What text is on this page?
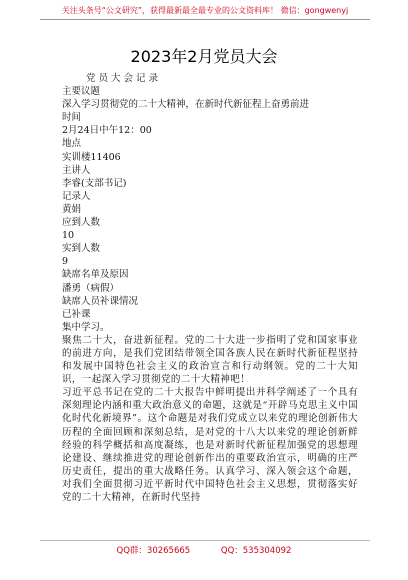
关注头条号“公文研究”，获得最新最全最专业的公文资料库！ 微信：gongwenyj
2023年2月党员大会
党员大会记录
主要议题
深入学习贯彻党的二十大精神，在新时代新征程上奋勇前进
时间
2月24日中午12：00
地点
实训楼11406
主讲人
李睿(支部书记)
记录人
黄娟
应到人数
10
实到人数
9
缺席名单及原因
潘勇（病假）
缺席人员补课情况
已补课
集中学习。
聚焦二十大，奋进新征程。党的二十大进一步指明了党和国家事业的前进方向，是我们党团结带领全国各族人民在新时代新征程坚持和发展中国特色社会主义的政治宣言和行动纲领。党的二十大知识，一起深入学习贯彻党的二十大精神吧！
习近平总书记在党的二十大报告中鲜明提出并科学阐述了一个具有深刻理论内涵和重大政治意义的命题，这就是“开辟马克思主义中国化时代化新境界”。这个命题是对我们党成立以来党的理论创新伟大历程的全面回顾和深刻总结，是对党的十八大以来党的理论创新鲜经验的科学概括和高度凝练，也是对新时代新征程加强党的思想理论建设、继续推进党的理论创新作出的重要政治宣示，明确的庄严历史责任，提出的重大战略任务。认真学习、深入领会这个命题，对我们全面贯彻习近平新时代中国特色社会主义思想，贯彻落实好党的二十大精神，在新时代坚持
QQ群：30265665	QQ：535304092
